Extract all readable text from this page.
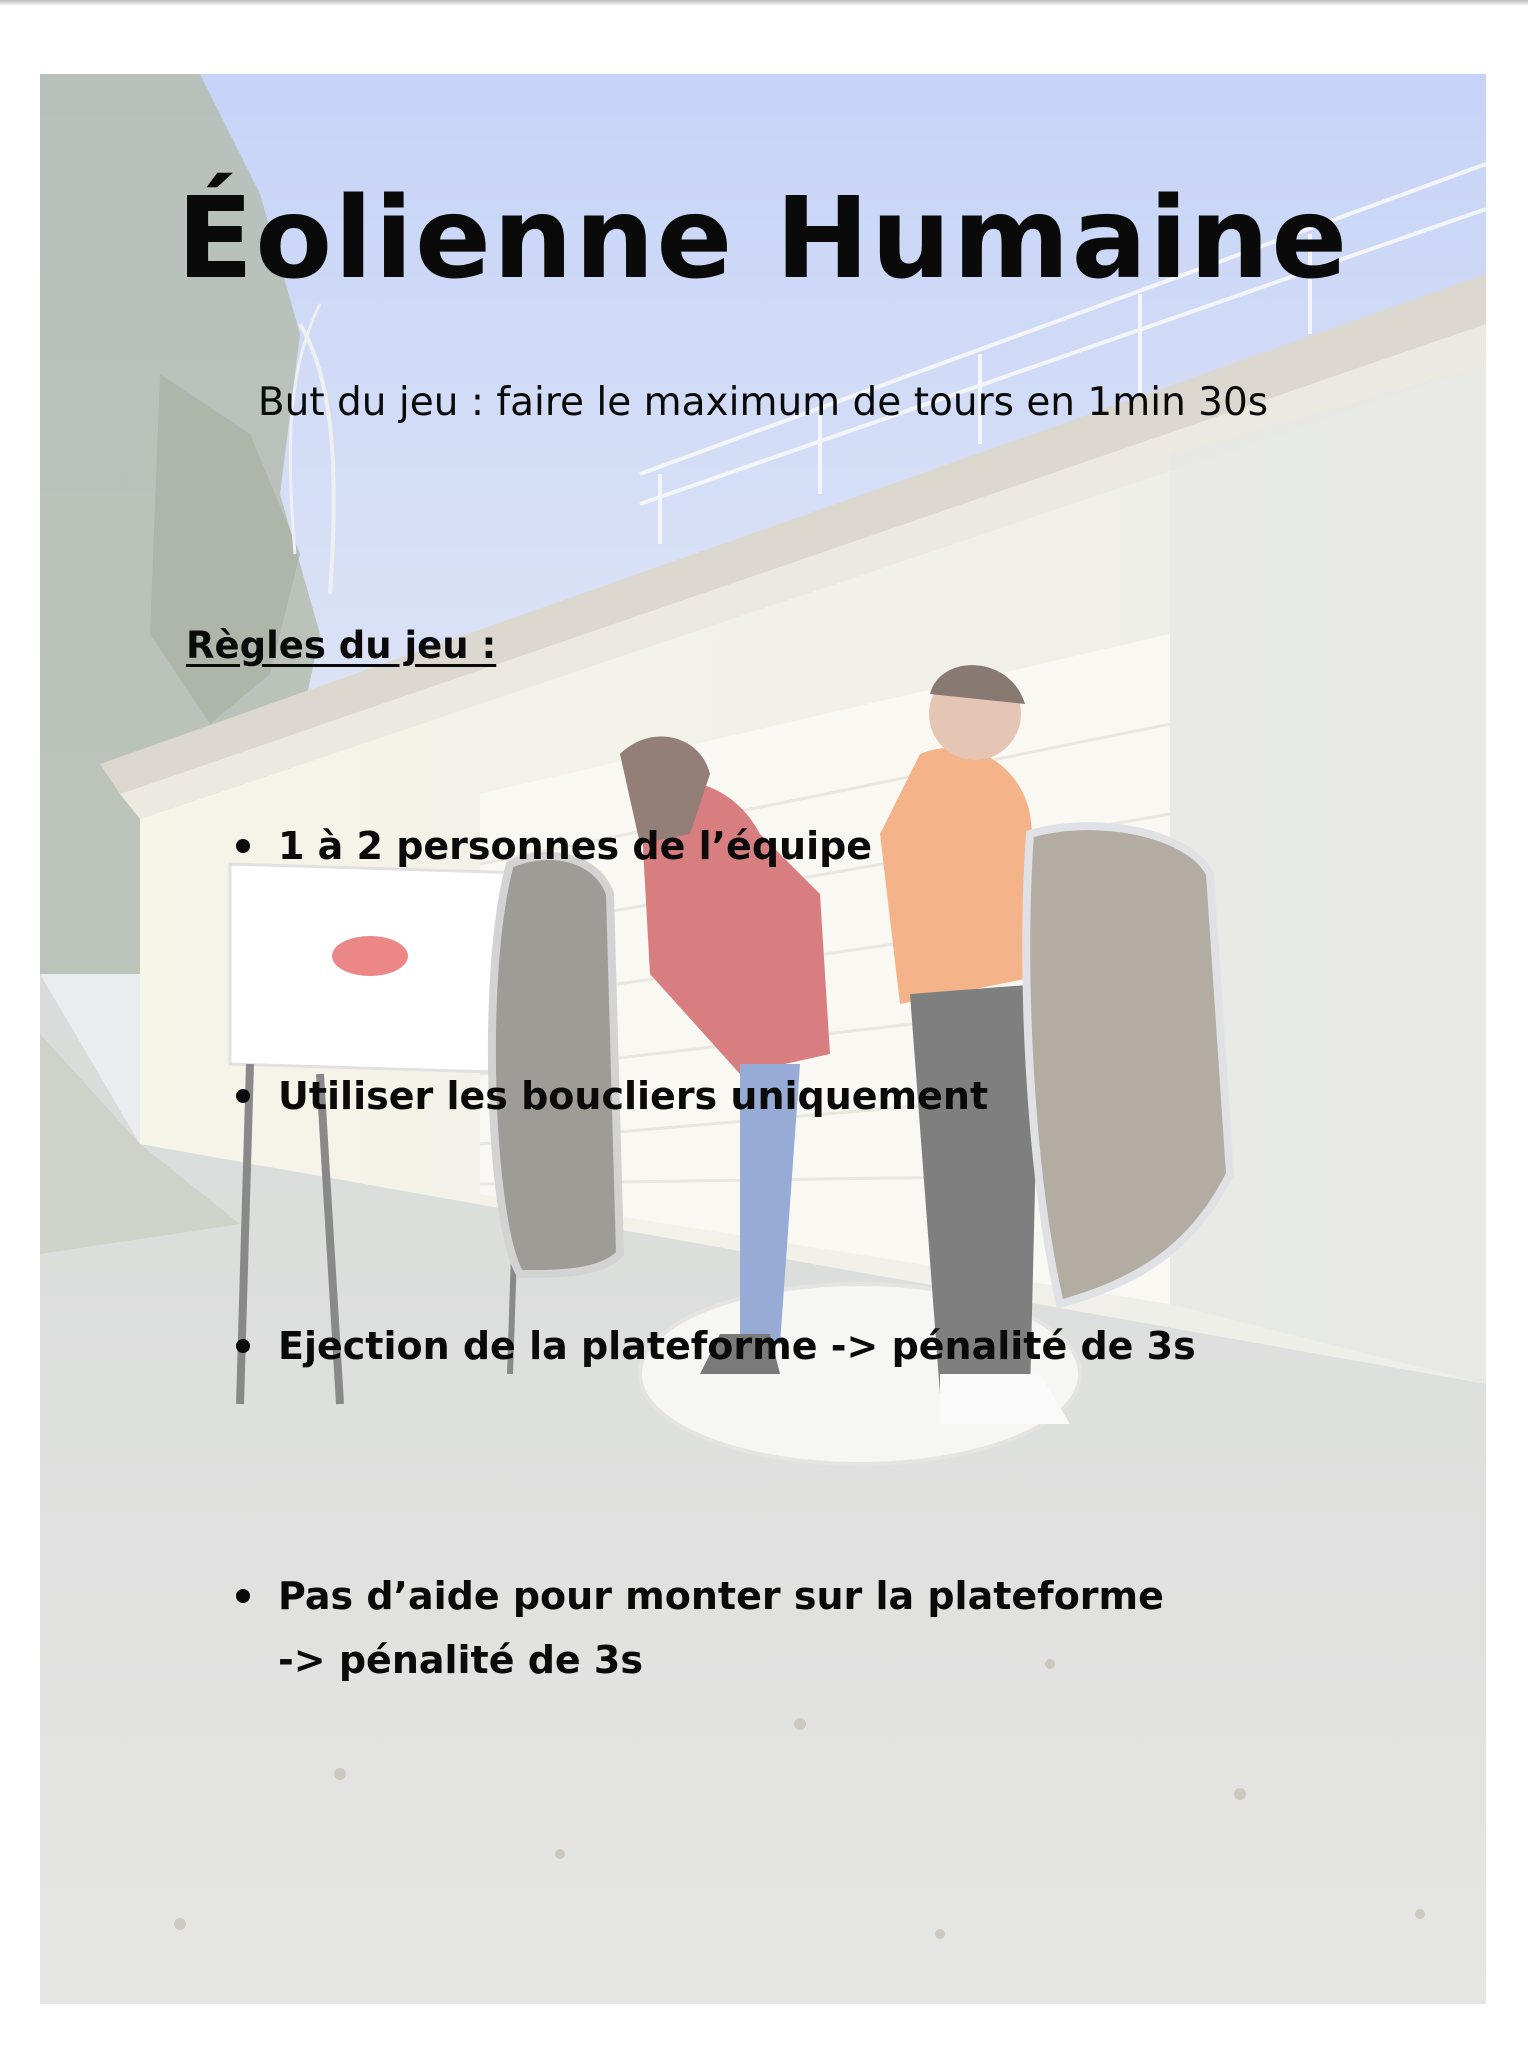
Éolienne Humaine

But du jeu : faire le maximum de tours en 1min 30s

Règles du jeu :

1 à 2 personnes de l’équipe
Utiliser les boucliers uniquement
Ejection de la plateforme -> pénalité de 3s
Pas d’aide pour monter sur la plateforme
-> pénalité de 3s
